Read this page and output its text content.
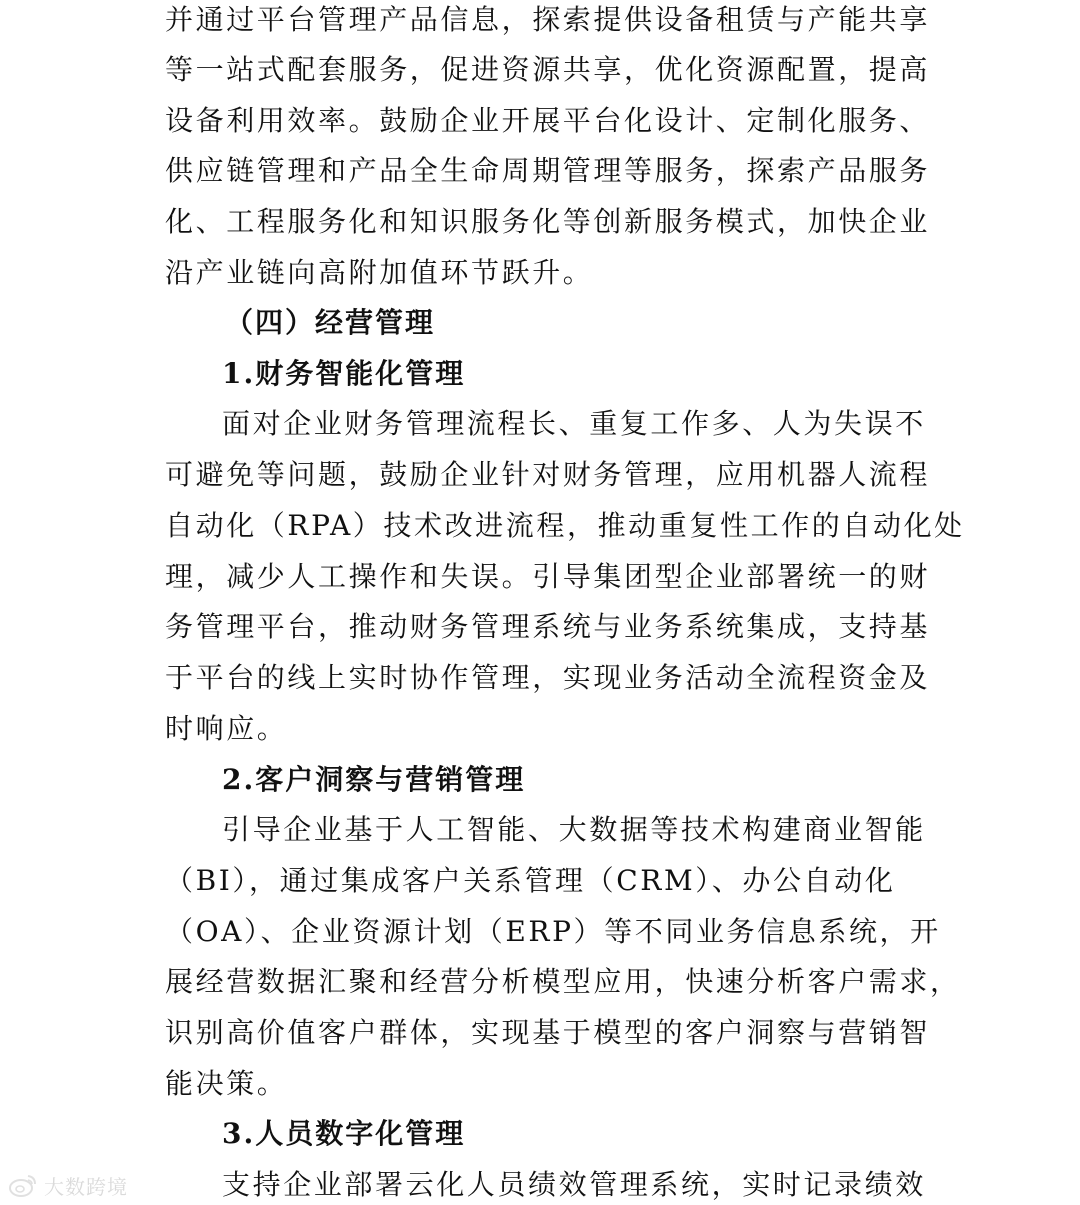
并通过平台管理产品信息，探索提供设备租赁与产能共享
等一站式配套服务，促进资源共享，优化资源配置，提高
设备利用效率。鼓励企业开展平台化设计、定制化服务、
供应链管理和产品全生命周期管理等服务，探索产品服务
化、工程服务化和知识服务化等创新服务模式，加快企业
沿产业链向高附加值环节跃升。
（四）经营管理
1.财务智能化管理
面对企业财务管理流程长、重复工作多、人为失误不
可避免等问题，鼓励企业针对财务管理，应用机器人流程
自动化（RPA）技术改进流程，推动重复性工作的自动化处
理，减少人工操作和失误。引导集团型企业部署统一的财
务管理平台，推动财务管理系统与业务系统集成，支持基
于平台的线上实时协作管理，实现业务活动全流程资金及
时响应。
2.客户洞察与营销管理
引导企业基于人工智能、大数据等技术构建商业智能
（BI），通过集成客户关系管理（CRM）、办公自动化
（OA）、企业资源计划（ERP）等不同业务信息系统，开
展经营数据汇聚和经营分析模型应用，快速分析客户需求，
识别高价值客户群体，实现基于模型的客户洞察与营销智
能决策。
3.人员数字化管理
支持企业部署云化人员绩效管理系统，实时记录绩效
大数跨境
